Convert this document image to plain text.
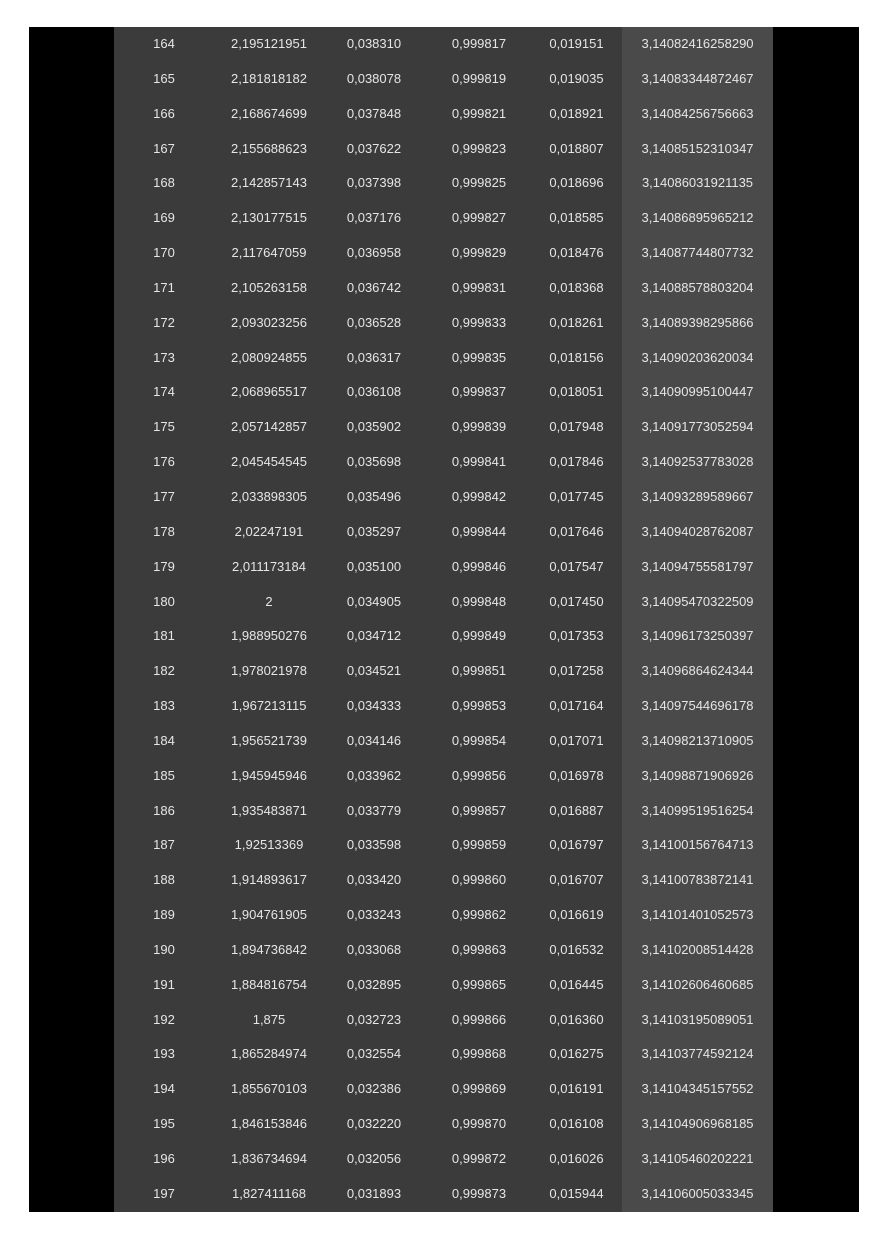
164	2,195121951	0,038310	0,999817	0,019151	3,14082416258290
165	2,181818182	0,038078	0,999819	0,019035	3,14083344872467
166	2,168674699	0,037848	0,999821	0,018921	3,14084256756663
167	2,155688623	0,037622	0,999823	0,018807	3,14085152310347
168	2,142857143	0,037398	0,999825	0,018696	3,14086031921135
169	2,130177515	0,037176	0,999827	0,018585	3,14086895965212
170	2,117647059	0,036958	0,999829	0,018476	3,14087744807732
171	2,105263158	0,036742	0,999831	0,018368	3,14088578803204
172	2,093023256	0,036528	0,999833	0,018261	3,14089398295866
173	2,080924855	0,036317	0,999835	0,018156	3,14090203620034
174	2,068965517	0,036108	0,999837	0,018051	3,14090995100447
175	2,057142857	0,035902	0,999839	0,017948	3,14091773052594
176	2,045454545	0,035698	0,999841	0,017846	3,14092537783028
177	2,033898305	0,035496	0,999842	0,017745	3,14093289589667
178	2,02247191	0,035297	0,999844	0,017646	3,14094028762087
179	2,011173184	0,035100	0,999846	0,017547	3,14094755581797
180	2	0,034905	0,999848	0,017450	3,14095470322509
181	1,988950276	0,034712	0,999849	0,017353	3,14096173250397
182	1,978021978	0,034521	0,999851	0,017258	3,14096864624344
183	1,967213115	0,034333	0,999853	0,017164	3,14097544696178
184	1,956521739	0,034146	0,999854	0,017071	3,14098213710905
185	1,945945946	0,033962	0,999856	0,016978	3,14098871906926
186	1,935483871	0,033779	0,999857	0,016887	3,14099519516254
187	1,92513369	0,033598	0,999859	0,016797	3,14100156764713
188	1,914893617	0,033420	0,999860	0,016707	3,14100783872141
189	1,904761905	0,033243	0,999862	0,016619	3,14101401052573
190	1,894736842	0,033068	0,999863	0,016532	3,14102008514428
191	1,884816754	0,032895	0,999865	0,016445	3,14102606460685
192	1,875	0,032723	0,999866	0,016360	3,14103195089051
193	1,865284974	0,032554	0,999868	0,016275	3,14103774592124
194	1,855670103	0,032386	0,999869	0,016191	3,14104345157552
195	1,846153846	0,032220	0,999870	0,016108	3,14104906968185
196	1,836734694	0,032056	0,999872	0,016026	3,14105460202221
197	1,827411168	0,031893	0,999873	0,015944	3,14106005033345
